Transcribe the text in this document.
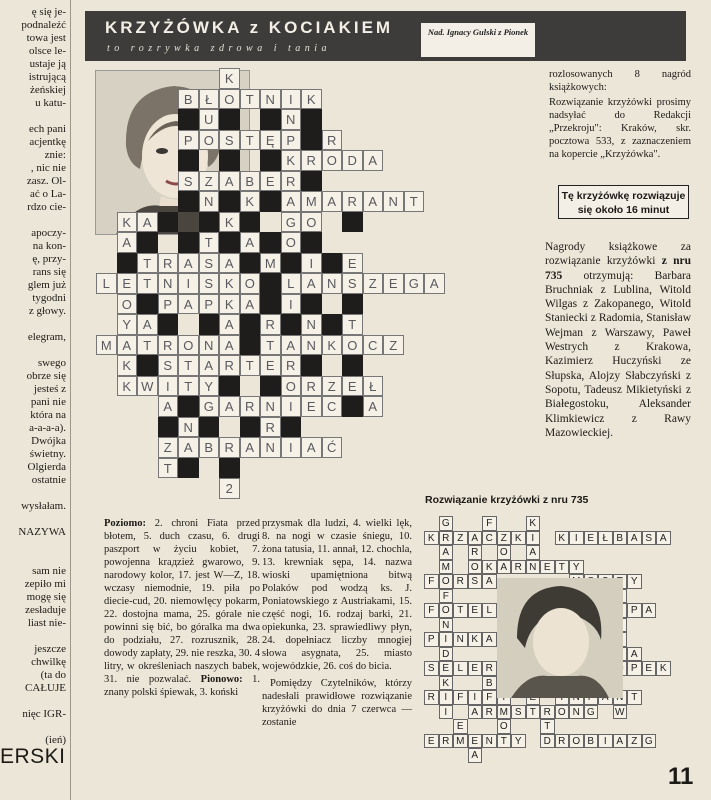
ę się je-
podnaleźć
towa jest
olsce le-
ustaje ją
istrującą
żeńskiej
u katu-
ech pani
acjentkę
znie:
, nic nie
zasz. Ol-
ać o La-
rdzo cie-
apoczy-
na kon-
ę, przy-
rans się
glem już
tygodni
z głowy.
elegram,
swego
obrze się
jesteś z
pani nie
która na
a-a-a-a).
Dwójka
świetny.
Olgierda
ostatnie
wysłałam.
NAZYWA
sam nie
zepiło mi
mogę się
zesładuje
liast nie-
jeszcze
chwilkę
(ta do
CAŁUJE
nięc IGR-
(ień)
ERSKI
KRZYŻÓWKA z KOCIAKIEM
to rozrywka zdrowa i tania
Nad. Ignacy Gulski z Pionek
K
B Ł O T N	I	K
U	N
P O S T Ę P	R
K R O D A
S Z A B E R
N	K	A M A R A N T
K A	K	G O
A	T	A	O
T R A S A	M	I	E
L E T N	I	S K O	L A N S Z E G A
O	P A P K A	I
Y A	A	R	N	T
M A T R O N A	T A N K O C Z
K	S T A R T E R
K W I	T Y	O R Z E Ł
A	G A R N	I	E C	A
N	R
Z A B R A N	I	A Ć
T
2
rozlosowanych 8 nagród książkowych:
Rozwiązanie krzyżówki prosimy nadsyłać do Redakcji „Przekroju": Kraków, skr. pocztowa 533, z zaznaczeniem na kopercie „Krzyżówka".
Tę krzyżówkę rozwiązuje się około 16 minut
Nagrody książkowe za rozwiązanie krzyżówki z nru 735 otrzymują: Barbara Bruchniak z Lublina, Witold Wilgas z Zakopanego, Witold Staniecki z Radomia, Stanisław Wejman z Warszawy, Paweł Westrych z Krakowa, Kazimierz Huczyński ze Słupska, Alojzy Słabczyński z Sopotu, Tadeusz Mikietyński z Białegostoku, Aleksander Klimkiewicz z Rawy Mazowieckiej.
Poziomo: 2. chroni Fiata przed błotem, 5. duch czasu, 6. drugi paszport w życiu kobiet, 7. powojenna krадzież gwarowo, 9. narodowy kolor, 17. jest W—Z, 18. wczasy niemodnie, 19. piła po diecie-cud, 20. niemowlęcy pokarm, 22. dostojna mama, 25. górale nie powinni się bić, bo góralka ma dwa do podziału, 27. rozrusznik, 28. dowody zapłaty, 29. nie reszka, 30. 4 litry, w określeniach naszych babek, 31. nie pozwalać. Pionowo: 1. znany polski śpiewak, 3. koński
przysmak dla ludzi, 4. wielki lęk, 8. na nogi w czasie śniegu, 10. żona tatusia, 11. annał, 12. chochla, 13. krewniak sępa, 14. nazwa wioski upamiętniona bitwą Polaków pod wodzą ks. J. Poniatowskiego z Austriakami, 15. część nogi, 16. rodzaj barki, 21. opiekunka, 23. sprawiedliwy płyn, 24. dopełniacz liczby mnogiej słowa asygnata, 25. miasto wojewódzkie, 26. coś do bicia.

Pomiędzy Czytelników, którzy nadesłali prawidłowe rozwiązanie krzyżówki do dnia 7 czerwca — zostanie

Rozwiązanie krzyżówki z nru 735
G	F	K
K R Z A C Z K I	K I E Ł B A S A
A R O A
M O K A R N E T Y
F O R S A	Y
F
F O T E L	P A
N
P I N K A
D	A
S E L E R	P E K
K	B
R I	F	I	F	T
I	A R M S T R O N G W
E	O	T
E R M E N T Y D R O B I A Z G
A
11
